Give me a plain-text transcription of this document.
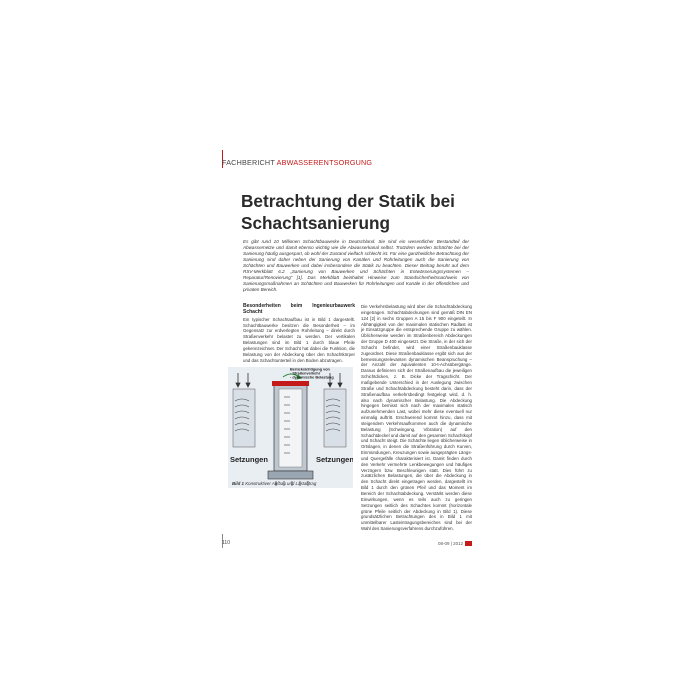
FACHBERICHT ABWASSERENTSORGUNG
Betrachtung der Statik bei Schachtsanierung
Es gibt rund 10 Millionen Schachtbauwerke in Deutschland. Sie sind ein wesentlicher Bestandteil der Abwassernetze und damit ebenso wichtig wie die Abwasserkanal selbst. Trotzdem werden Schächte bei der Sanierung häufig ausgespart, ob wohl der Zustand vielfach schlecht ist. Für eine ganzheitliche Betrachtung der Sanierung sind daher neben der Sanierung von Kanälen und Rohrleitungen auch die Sanierung von Schächten und Bauwerken und dabei insbesondere die Statik zu beachten. Dieser Beitrag beruht auf dem RSV-Merkblatt 6.2 „Sanierung von Bauwerken und Schächten in Entwässerungssystemen – Reparatur/Renovierung“ [1]. Das Merkblatt beinhaltet Hinweise zum Standsicherheitsnachweis von Sanierungsmaßnahmen an Schächten und Bauwerken für Rohrleitungen und Kanäle in der öffentlichen und privaten Bereich.
Besonderheiten beim Ingenieurbauwerk Schacht
Ein typischer Schachtaufbau ist in Bild 1 dargestellt. Schachtbauwerke besitzen die Besonderheit – im Gegensatz zur erdverlegten Rohrleitung – direkt durch Straßenverkehr belastet zu werden. Der vertikalen Belastungen sind im Bild 1 durch blaue Pfeile gekennzeichnet. Der Schacht hat dabei die Funktion, die Belastung von der Abdeckung über den Schachtkörper und das Schachtunterteil in den Boden abzutragen.
Die Verkehrsbelastung wird über die Schachtabdeckung eingetragen. Schachtabdeckungen sind gemäß DIN EN 124 [2] in sechs Gruppen A 15 bis F 900 eingeteilt. In Abhängigkeit von der maximalen statischen Radlast ist je Einsatzgruppe die entsprechende Gruppe zu wählen. Üblicherweise werden im Straßenbereich Abdeckungen der Gruppe D 400 eingesetzt. Die Straße, in der sich der Schacht befindet, wird einer Straßenbauklasse zugeordnet. Diese Straßenbauklasse ergibt sich aus der bemessungsrelevanten dynamischen Beanspruchung – der Anzahl der äquivalenten 10-t-Achsübergänge. Daraus definieren sich der Straßenaufbau die jeweiligen Schichtdicken, z. B. Dicke der Tragschicht. Der maßgebende Unterschied in der Auslegung zwischen Straße und Schachtabdeckung besteht darin, dass der Straßenaufbau verkehrsbedingt festgelegt wird, d. h. also nach dynamischer Belastung. Die Abdeckung hingegen bemisst sich nach der maximalen statisch aufzunehmenden Last, wobei mehr diese eventuell nur einmalig auftritt. Erschwerend kommt hinzu, dass mit steigendem Verkehrsaufkommen auch die dynamische Belastung (Schwingung, Vibration) auf den Schachtdeckel und damit auf den gesamten Schachtkopf und Schacht steigt. Die Schächte liegen üblicherweise in Ortslagen, in denen die Straßenführung durch Kurven, Einmündungen, Kreuzungen sowie ausgeprägten Längs- und Quergefälle charakterisiert ist. Damit finden durch den Verkehr vermehrte Lenkbewegungen und häufiges Verzögern bzw. Beschleunigen statt. Dies führt zu zusätzlichen Belastungen, die über die Abdeckung in den Schacht direkt eingetragen werden, dargestellt im Bild 1 durch den grünen Pfeil und das Moment im Bereich der Schachtabdeckung. Verstärkt werden diese Einwirkungen, wenn es teils auch zu geringen Setzungen seitlich des Schachtes kommt (horizontale grüne Pfeile seitlich der Abdeckung in Bild 1). Diese grundsätzlichen Betrachtungen des in Bild 1 mit unmittelbarer Lasteintragungsbereiches sind bei der Wahl des Sanierungsverfahrens durchzuführen.
Setzungen	Setzungen
Berücksichtigung von
- Straßenverkehr
- dynamische Belastung
Bild 1 Konstruktiver Aufbau und Lastabtrag
110	08-09 | 2012
